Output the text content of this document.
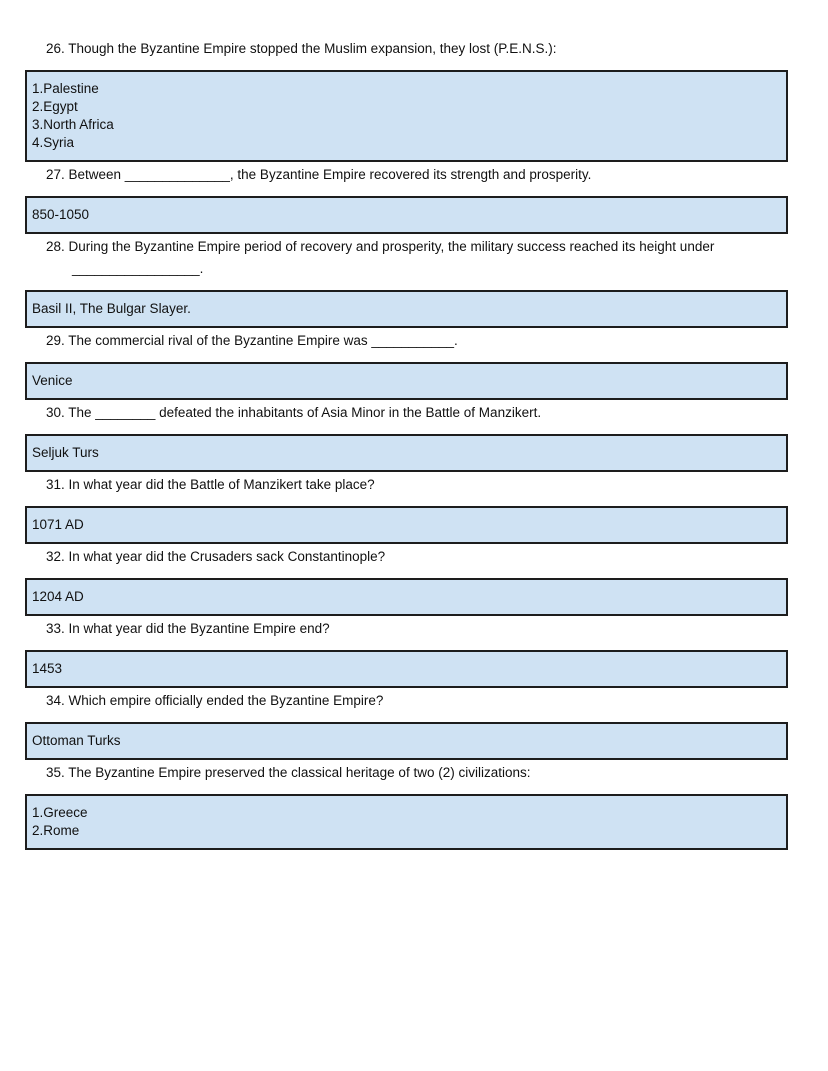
26. Though the Byzantine Empire stopped the Muslim expansion, they lost (P.E.N.S.):

1.Palestine

2.Egypt

3.North Africa

4.Syria

27. Between ______________, the Byzantine Empire recovered its strength and prosperity.

850-1050

28. During the Byzantine Empire period of recovery and prosperity, the military success reached its height under

_________________.

Basil II, The Bulgar Slayer.

29. The commercial rival of the Byzantine Empire was ___________.

Venice

30. The ________ defeated the inhabitants of Asia Minor in the Battle of Manzikert.

Seljuk Turs

31. In what year did the Battle of Manzikert take place?

1071 AD

32. In what year did the Crusaders sack Constantinople?

1204 AD

33. In what year did the Byzantine Empire end?

1453

34. Which empire officially ended the Byzantine Empire?

Ottoman Turks

35. The Byzantine Empire preserved the classical heritage of two (2) civilizations:

1.Greece

2.Rome
